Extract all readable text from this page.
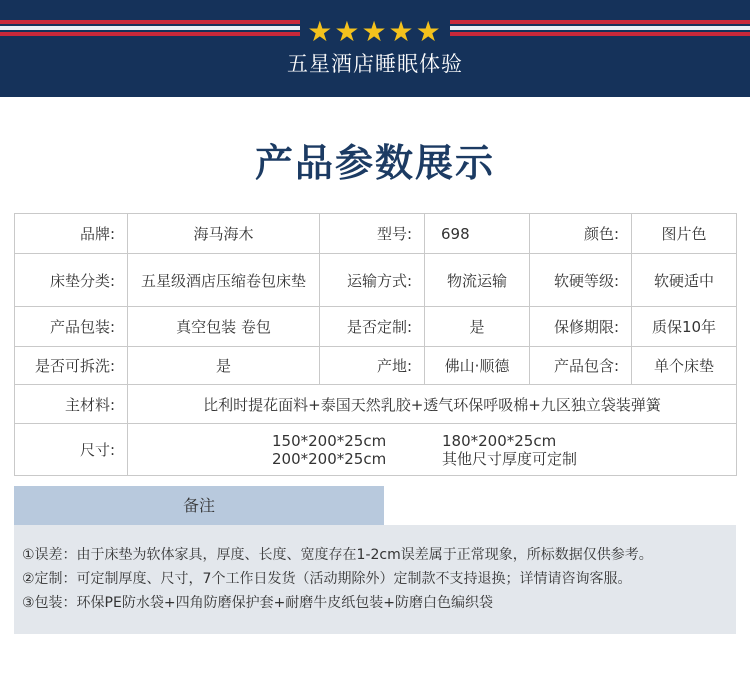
★★★★★
五星酒店睡眠体验
产品参数展示
品牌:	海马海木	型号:	698	颜色:	图片色
床垫分类:	五星级酒店压缩卷包床垫	运输方式:	物流运输	软硬等级:	软硬适中
产品包装:	真空包装 卷包	是否定制:	是	保修期限:	质保10年
是否可拆洗:	是	产地:	佛山·顺德	产品包含:	单个床垫
主材料:	比利时提花面料+泰国天然乳胶+透气环保呼吸棉+九区独立袋装弹簧				
尺寸:	150*200*25cm 180*200*25cm
200*200*25cm 其他尺寸厚度可定制				
备注
①误差：由于床垫为软体家具，厚度、长度、宽度存在1-2cm误差属于正常现象，所标数据仅供参考。
②定制：可定制厚度、尺寸，7个工作日发货（活动期除外）定制款不支持退换；详情请咨询客服。
③包装：环保PE防水袋+四角防磨保护套+耐磨牛皮纸包装+防磨白色编织袋
